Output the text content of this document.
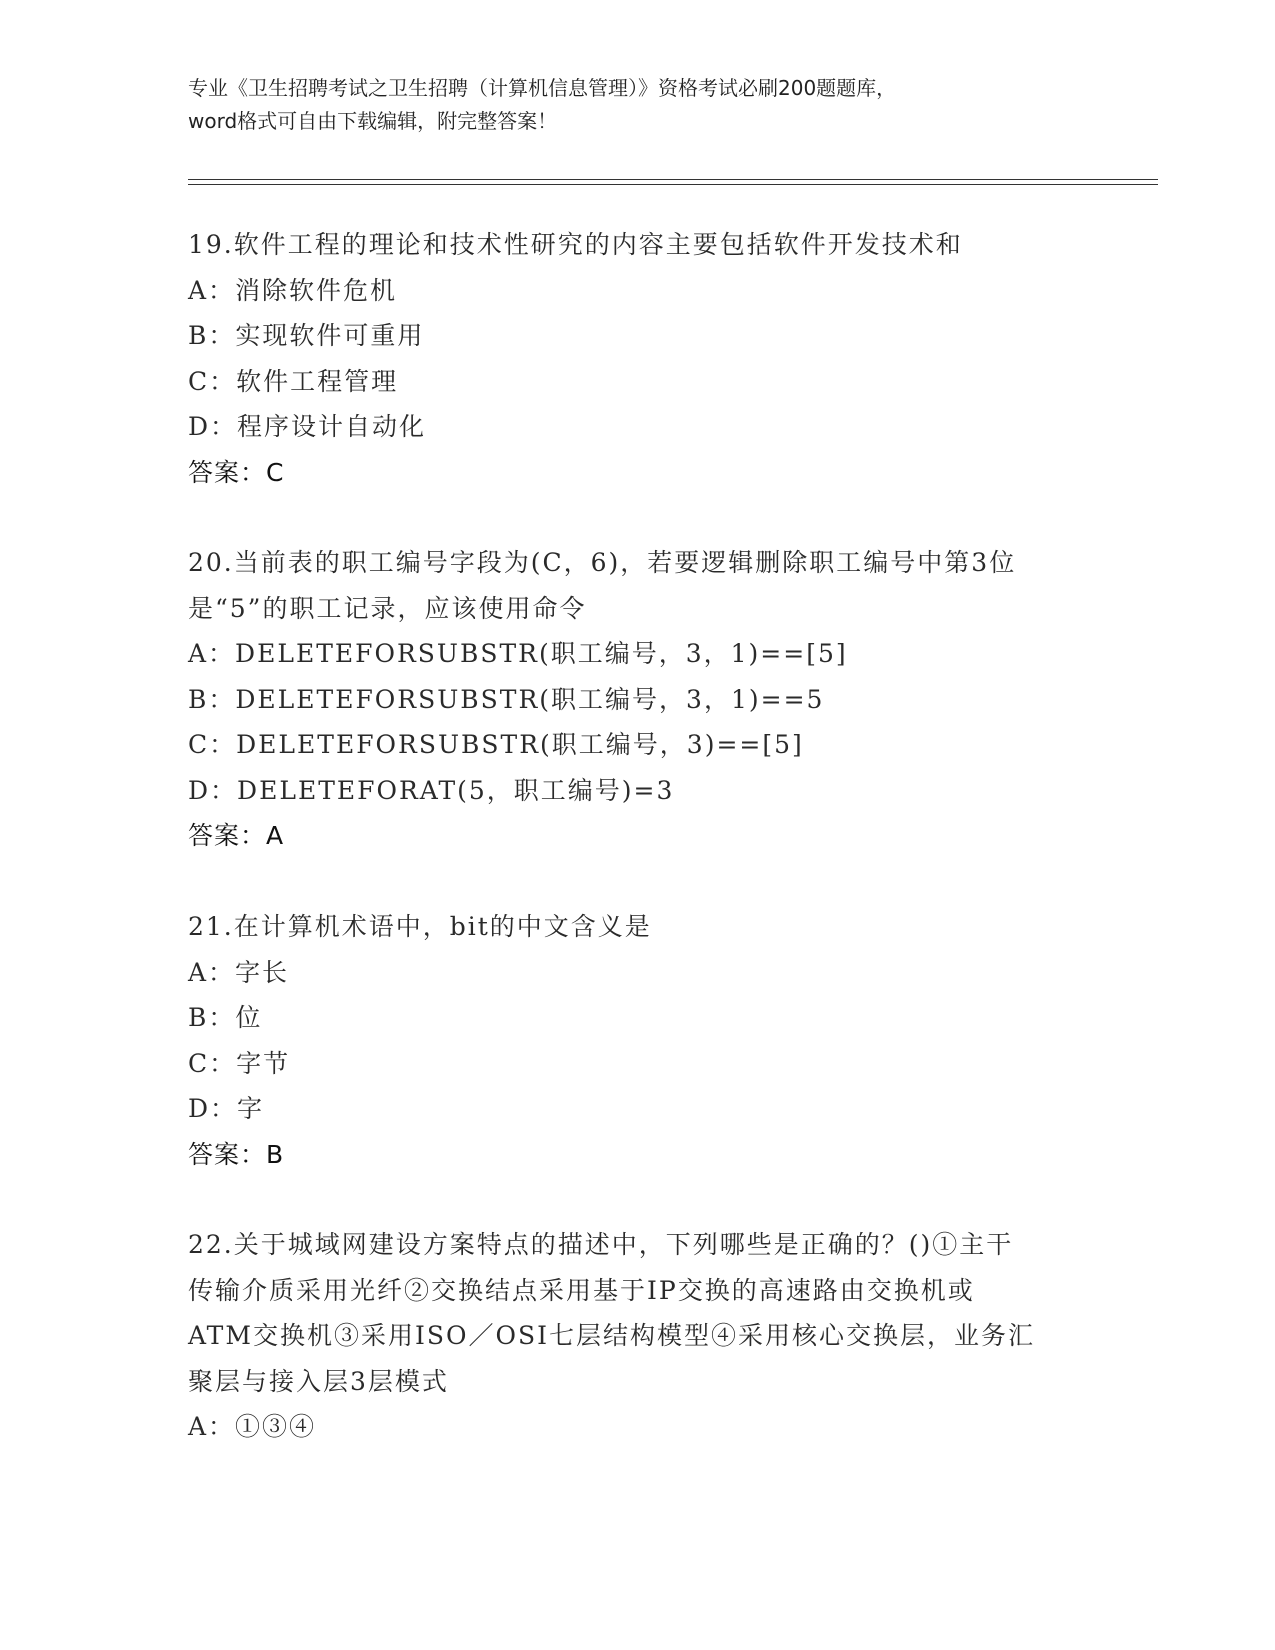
专业《卫生招聘考试之卫生招聘（计算机信息管理）》资格考试必刷200题题库，
word格式可自由下载编辑，附完整答案！
19.软件工程的理论和技术性研究的内容主要包括软件开发技术和
A：消除软件危机
B：实现软件可重用
C：软件工程管理
D：程序设计自动化
答案：C
20.当前表的职工编号字段为(C，6)，若要逻辑删除职工编号中第3位
是“5”的职工记录，应该使用命令
A：DELETEFORSUBSTR(职工编号，3，1)==[5]
B：DELETEFORSUBSTR(职工编号，3，1)==5
C：DELETEFORSUBSTR(职工编号，3)==[5]
D：DELETEFORAT(5，职工编号)=3
答案：A
21.在计算机术语中，bit的中文含义是
A：字长
B：位
C：字节
D：字
答案：B
22.关于城域网建设方案特点的描述中，下列哪些是正确的？()①主干
传输介质采用光纤②交换结点采用基于IP交换的高速路由交换机或
ATM交换机③采用ISO／OSI七层结构模型④采用核心交换层，业务汇
聚层与接入层3层模式
A：①③④
